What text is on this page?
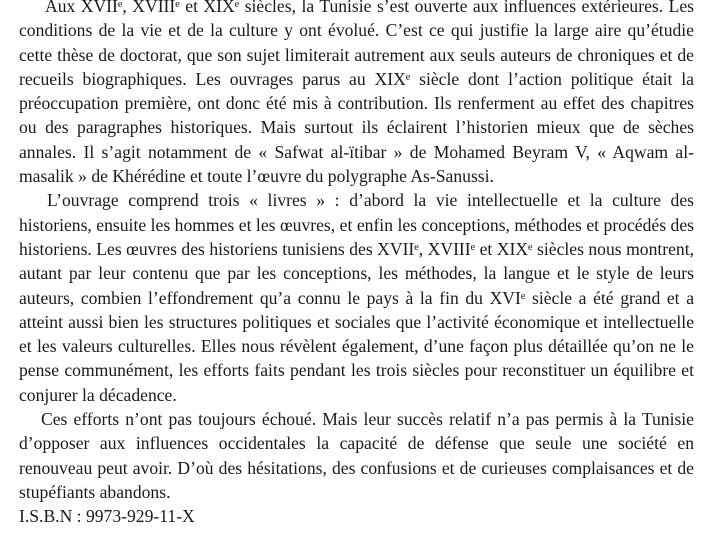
Aux XVIIᵉ, XVIIIᵉ et XIXᵉ siècles, la Tunisie s’est ouverte aux influences extérieures. Les conditions de la vie et de la culture y ont évolué. C’est ce qui justifie la large aire qu’étudie cette thèse de doctorat, que son sujet limiterait autrement aux seuls auteurs de chroniques et de recueils biographiques. Les ouvrages parus au XIXᵉ siècle dont l’action politique était la préoccupation première, ont donc été mis à contribution. Ils renferment au effet des chapitres ou des paragraphes historiques. Mais surtout ils éclairent l’historien mieux que de sèches annales. Il s’agit notamment de « Safwat al-ïtibar » de Mohamed Beyram V, « Aqwam al-masalik » de Khérédine et toute l’œuvre du polygraphe As-Sanussi.

L’ouvrage comprend trois « livres » : d’abord la vie intellectuelle et la culture des historiens, ensuite les hommes et les œuvres, et enfin les conceptions, méthodes et procédés des historiens. Les œuvres des historiens tunisiens des XVIIᵉ, XVIIIᵉ et XIXᵉ siècles nous montrent, autant par leur contenu que par les conceptions, les méthodes, la langue et le style de leurs auteurs, combien l’effondrement qu’a connu le pays à la fin du XVIᵉ siècle a été grand et a atteint aussi bien les structures politiques et sociales que l’activité économique et intellectuelle et les valeurs culturelles. Elles nous révèlent également, d’une façon plus détaillée qu’on ne le pense communément, les efforts faits pendant les trois siècles pour reconstituer un équilibre et conjurer la décadence.

Ces efforts n’ont pas toujours échoué. Mais leur succès relatif n’a pas permis à la Tunisie d’opposer aux influences occidentales la capacité de défense que seule une société en renouveau peut avoir. D’où des hésitations, des confusions et de curieuses complaisances et de stupéfiants abandons.

I.S.B.N : 9973-929-11-X
